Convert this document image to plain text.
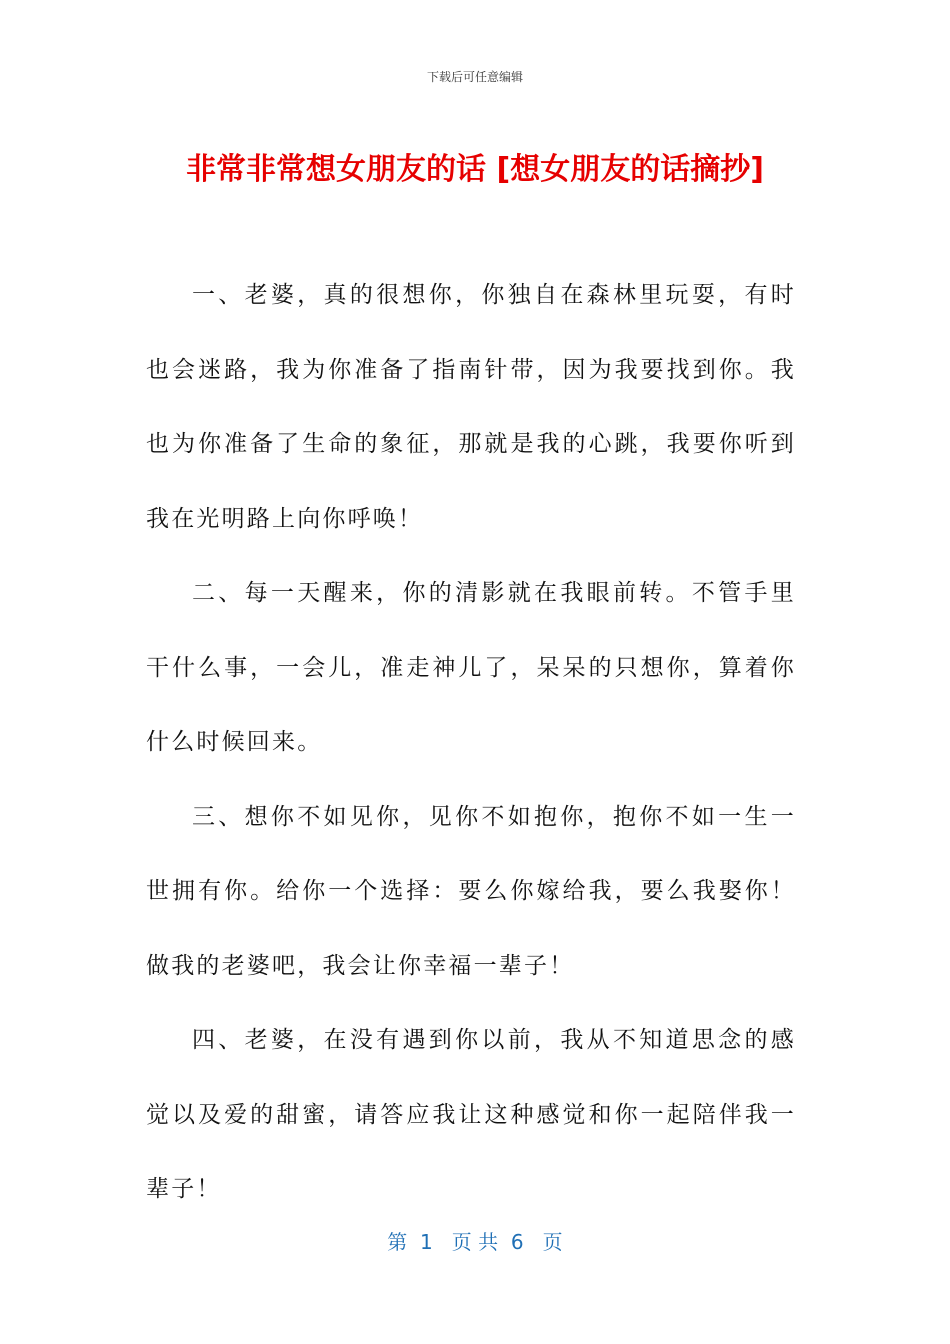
下载后可任意编辑
非常非常想女朋友的话 [想女朋友的话摘抄]

一、老婆，真的很想你，你独自在森林里玩耍，有时也会迷路，我为你准备了指南针带，因为我要找到你。我也为你准备了生命的象征，那就是我的心跳，我要你听到我在光明路上向你呼唤！

二、每一天醒来，你的清影就在我眼前转。不管手里干什么事，一会儿，准走神儿了，呆呆的只想你，算着你什么时候回来。

三、想你不如见你，见你不如抱你，抱你不如一生一世拥有你。给你一个选择：要么你嫁给我，要么我娶你！做我的老婆吧，我会让你幸福一辈子！

四、老婆，在没有遇到你以前，我从不知道思念的感觉以及爱的甜蜜，请答应我让这种感觉和你一起陪伴我一辈子！

第  1   页 共  6   页
